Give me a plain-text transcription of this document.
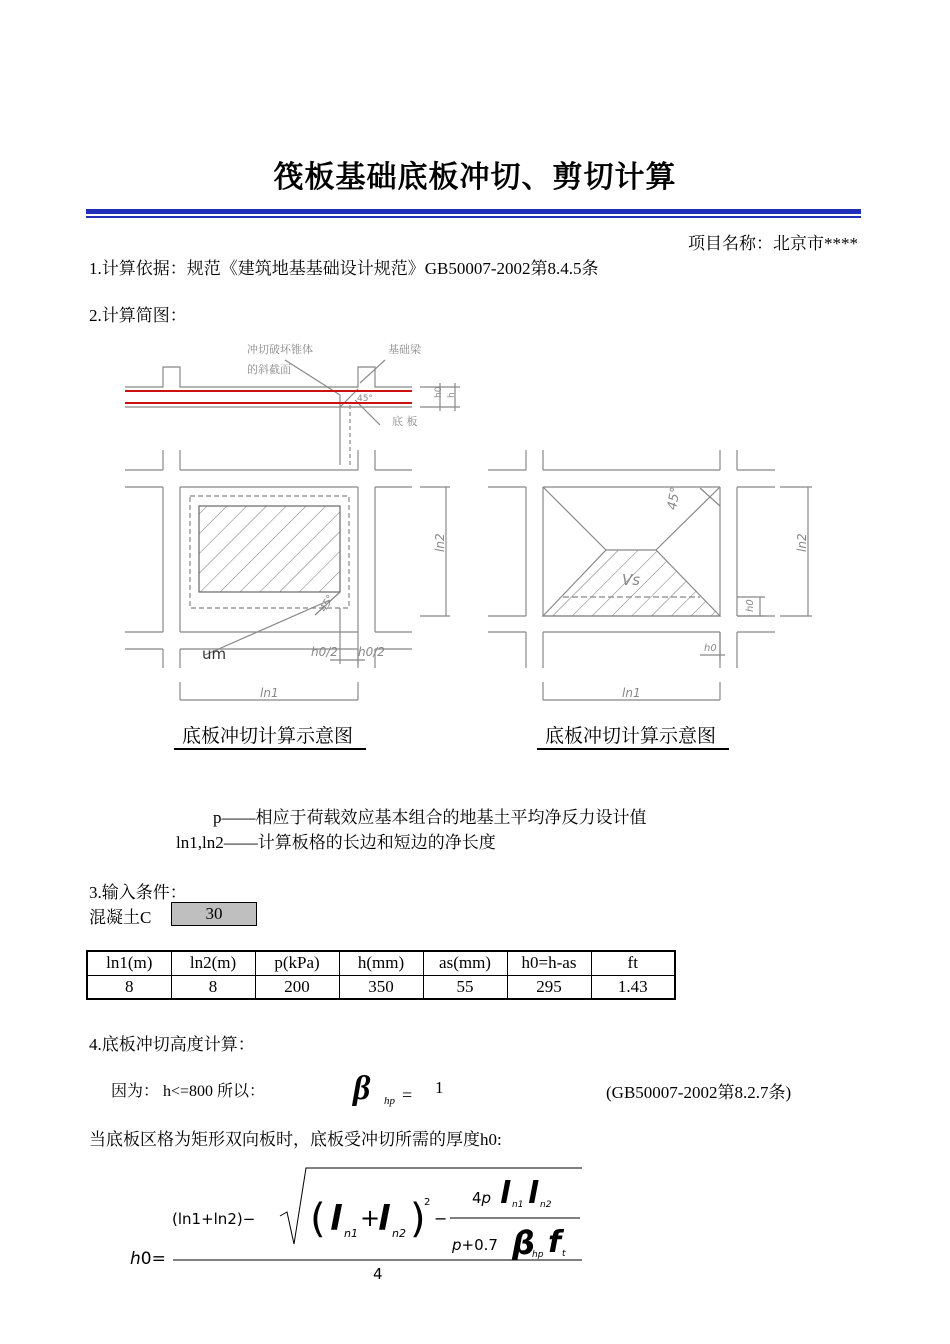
筏板基础底板冲切、剪切计算
项目名称：北京市****
1.计算依据：规范《建筑地基基础设计规范》GB50007-2002第8.4.5条
2.计算简图：
冲切破坏锥体
的斜截面
基础梁
底 板
45°
h0 h
ln2
ln1
h0/2 h0/2
45°
um
Vs
45°
h0
h0
ln2
ln1
底板冲切计算示意图	底板冲切计算示意图
p——相应于荷载效应基本组合的地基土平均净反力设计值
ln1,ln2——计算板格的长边和短边的净长度
3.输入条件：
混凝土C	30
ln1(m)	ln2(m)	p(kPa)	h(mm)	as(mm)	h0=h-as	ft
8	8	200	350	55	295	1.43
4.底板冲切高度计算：
因为： h<=800 所以：	β hp = 1	(GB50007-2002第8.2.7条)
当底板区格为矩形双向板时，底板受冲切所需的厚度h0:
h0=
(ln1+ln2)− ( l n1
+
l n2 )
2
−
4p l n1 l n2
p+0.7 β
hp f t
4
